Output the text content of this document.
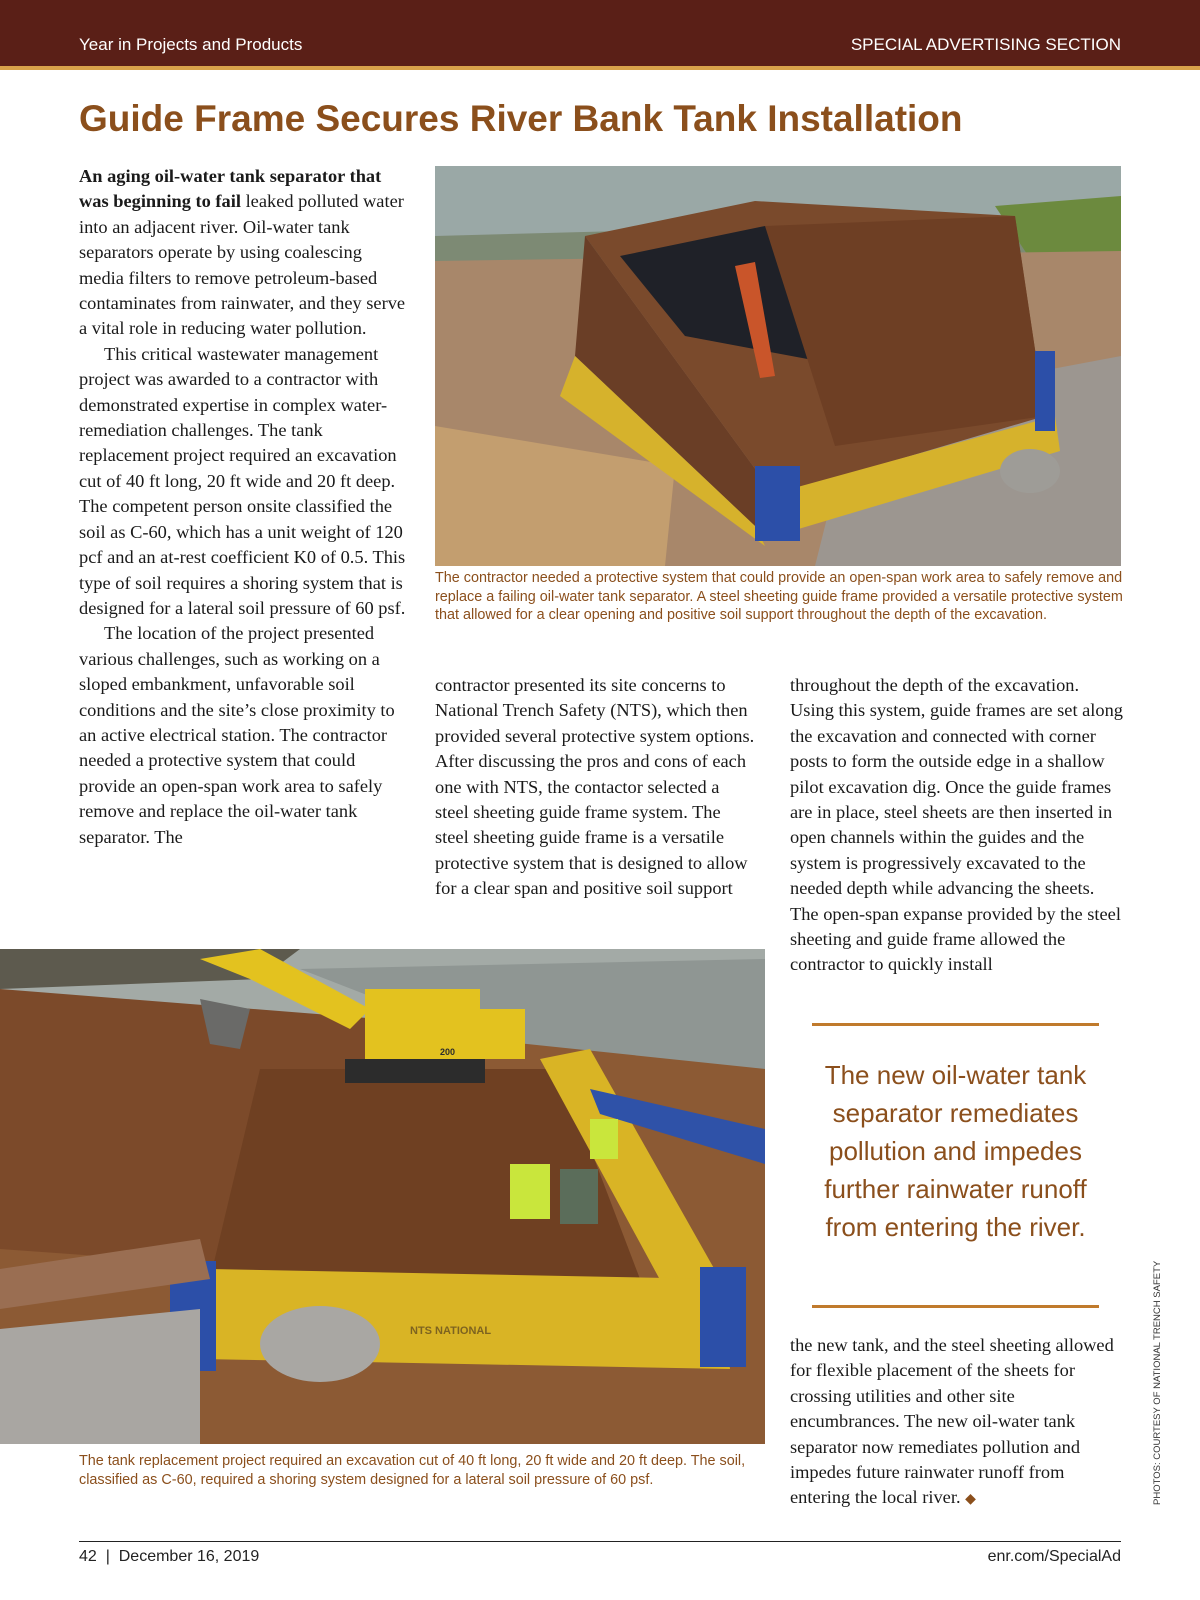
Year in Projects and Products	SPECIAL ADVERTISING SECTION
Guide Frame Secures River Bank Tank Installation

An aging oil-water tank separator that was beginning to fail leaked polluted water into an adjacent river. Oil-water tank separators operate by using coalescing media filters to remove petroleum-based contaminates from rainwater, and they serve a vital role in reducing water pollution.

This critical wastewater management project was awarded to a contractor with demonstrated expertise in complex water-remediation challenges. The tank replacement project required an excavation cut of 40 ft long, 20 ft wide and 20 ft deep. The competent person onsite classified the soil as C-60, which has a unit weight of 120 pcf and an at-rest coefficient K0 of 0.5. This type of soil requires a shoring system that is designed for a lateral soil pressure of 60 psf.

The location of the project presented various challenges, such as working on a sloped embankment, unfavorable soil conditions and the site’s close proximity to an active electrical station. The contractor needed a protective system that could provide an open-span work area to safely remove and replace the oil-water tank separator. The

The contractor needed a protective system that could provide an open-span work area to safely remove and replace a failing oil-water tank separator. A steel sheeting guide frame provided a versatile protective system that allowed for a clear opening and positive soil support throughout the depth of the excavation.

contractor presented its site concerns to National Trench Safety (NTS), which then provided several protective system options. After discussing the pros and cons of each one with NTS, the contactor selected a steel sheeting guide frame system. The steel sheeting guide frame is a versatile protective system that is designed to allow for a clear span and positive soil support

throughout the depth of the excavation. Using this system, guide frames are set along the excavation and connected with corner posts to form the outside edge in a shallow pilot excavation dig. Once the guide frames are in place, steel sheets are then inserted in open channels within the guides and the system is progressively excavated to the needed depth while advancing the sheets. The open-span expanse provided by the steel sheeting and guide frame allowed the contractor to quickly install

200
NTS NATIONAL

The tank replacement project required an excavation cut of 40 ft long, 20 ft wide and 20 ft deep. The soil, classified as C-60, required a shoring system designed for a lateral soil pressure of 60 psf.

The new oil-water tank separator remediates pollution and impedes further rainwater runoff from entering the river.

the new tank, and the steel sheeting allowed for flexible placement of the sheets for crossing utilities and other site encumbrances. The new oil-water tank separator now remediates pollution and impedes future rainwater runoff from entering the local river. ◆	PHOTOS: COURTESY OF NATIONAL TRENCH SAFETY
42 | December 16, 2019	enr.com/SpecialAd
